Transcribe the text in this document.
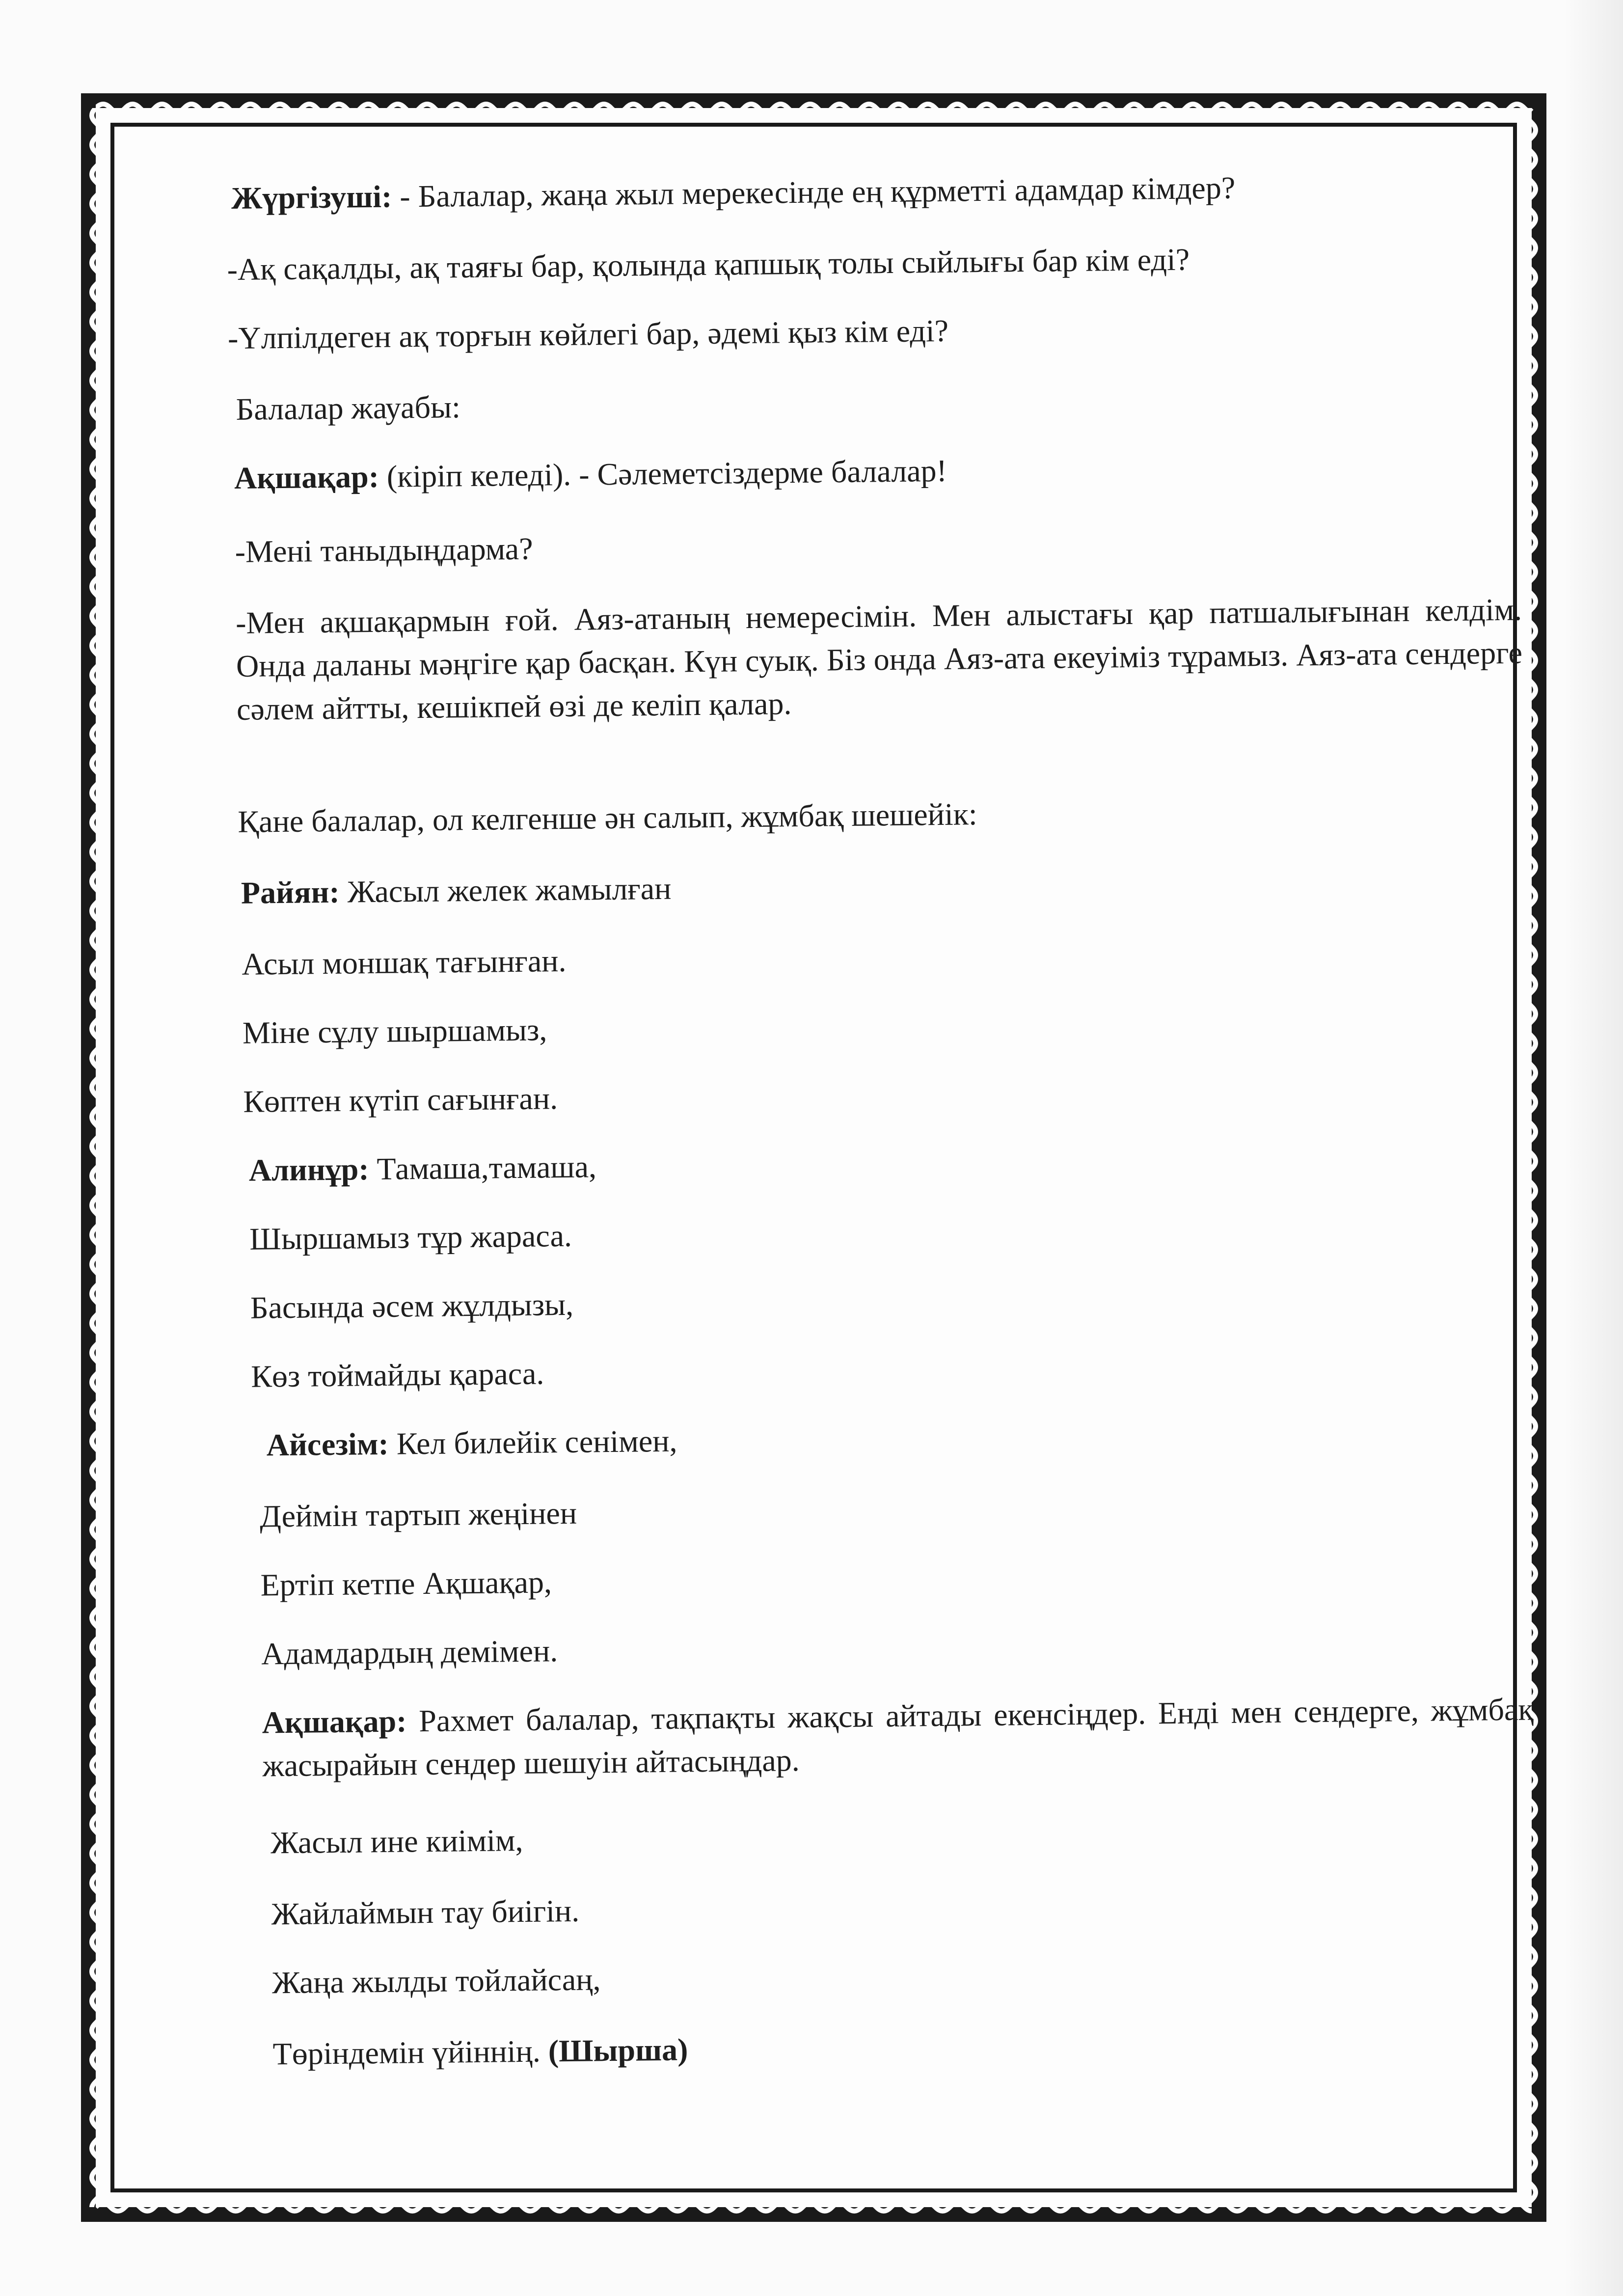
Жүргізуші: - Балалар, жаңа жыл мерекесінде ең құрметті адамдар кімдер?

-Ақ сақалды, ақ таяғы бар, қолында қапшық толы сыйлығы бар кім еді?

-Үлпілдеген ақ торғын көйлегі бар, әдемі қыз кім еді?

Балалар жауабы:

Ақшақар: (кіріп келеді). - Сәлеметсіздерме балалар!

-Мені таныдыңдарма?

-Мен ақшақармын ғой. Аяз-атаның немересімін. Мен алыстағы қар патшалығынан келдім. Онда даланы мәңгіге қар басқан. Күн суық. Біз онда Аяз-ата екеуіміз тұрамыз. Аяз-ата сендерге сәлем айтты, кешікпей өзі де келіп қалар.

Қане балалар, ол келгенше ән салып, жұмбақ шешейік:

Райян: Жасыл желек жамылған

Асыл моншақ тағынған.

Міне сұлу шыршамыз,

Көптен күтіп сағынған.

Алинұр: Тамаша,тамаша,

Шыршамыз тұр жараса.

Басында әсем жұлдызы,

Көз тоймайды қараса.

Айсезім: Кел билейік сенімен,

Деймін тартып жеңінен

Ертіп кетпе Ақшақар,

Адамдардың демімен.

Ақшақар: Рахмет балалар, тақпақты жақсы айтады екенсіңдер. Енді мен сендерге, жұмбақ жасырайын сендер шешуін айтасыңдар.

Жасыл ине киімім,

Жайлаймын тау биігін.

Жаңа жылды тойлайсаң,

Төріндемін үйіннің. (Шырша)
